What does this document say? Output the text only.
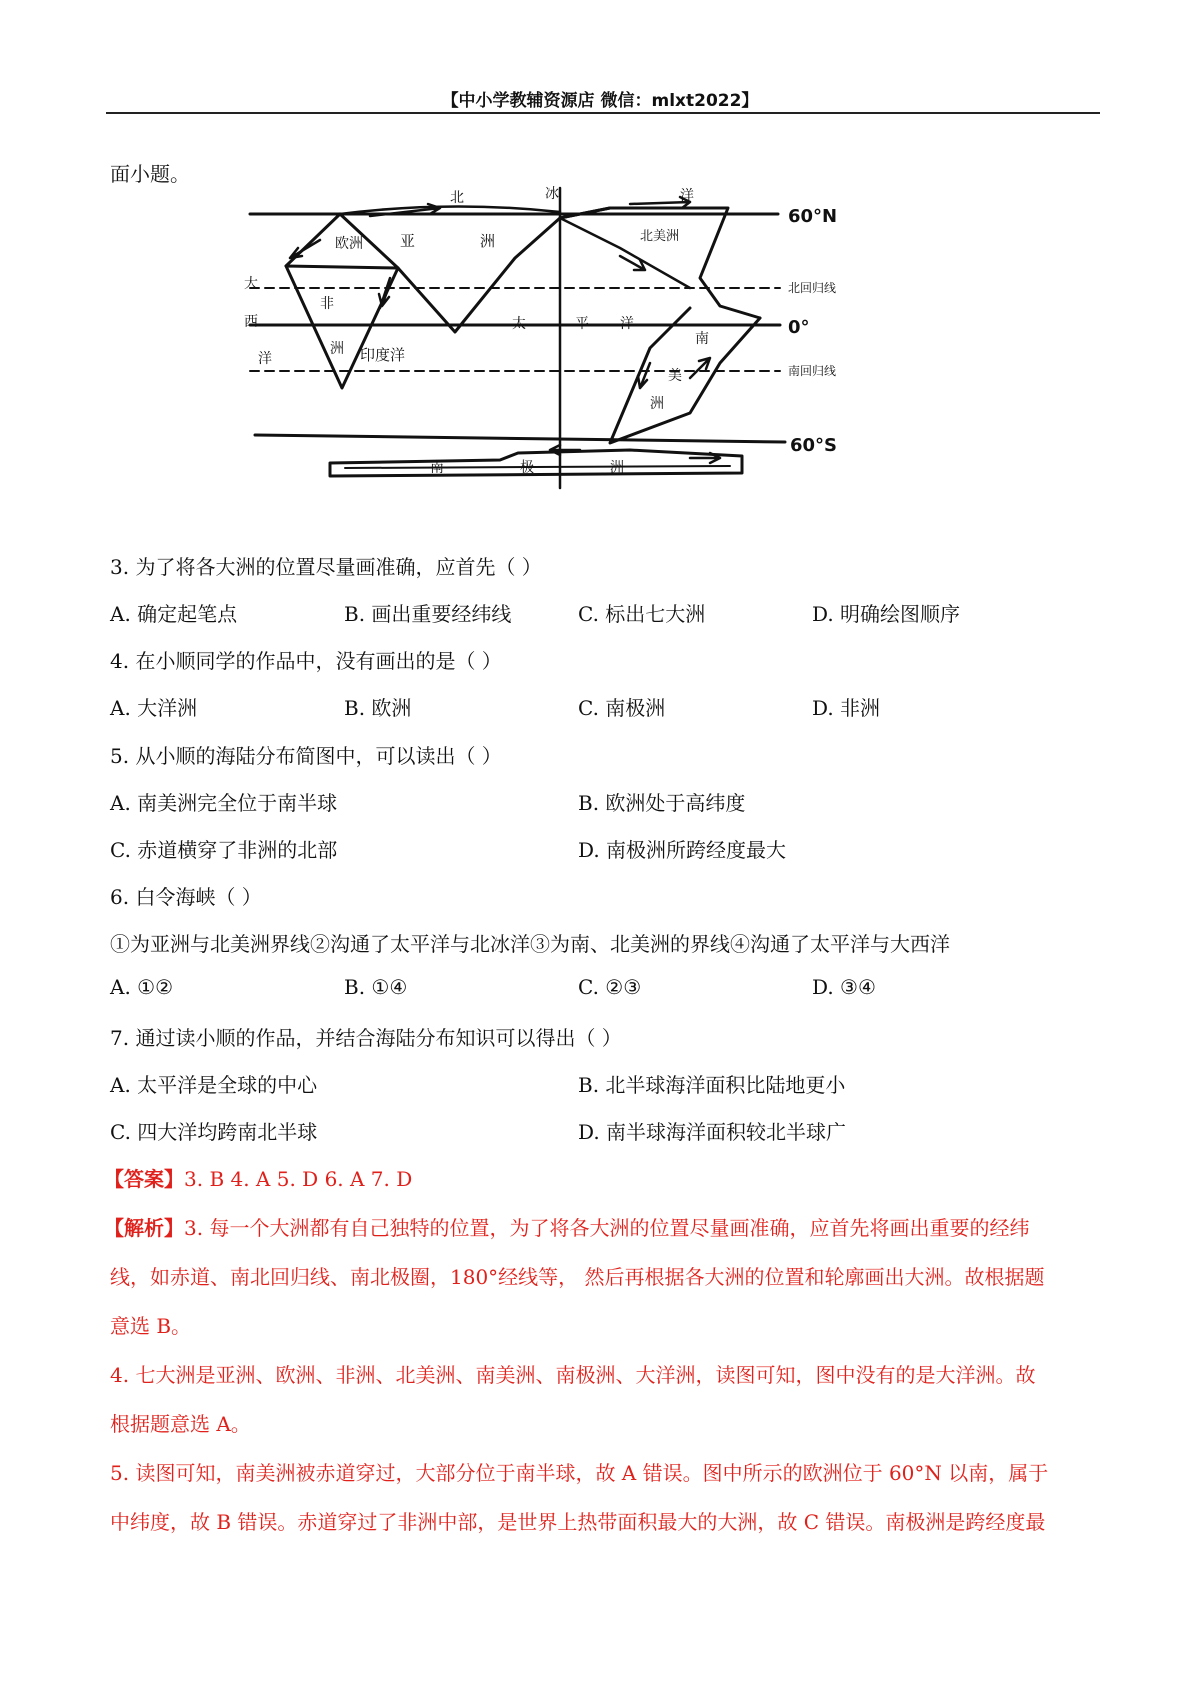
【中小学教辅资源店 微信：mlxt2022】
面小题。
60°N
0°
60°S
北回归线
南回归线
大
西
洋
北	冰	洋
太	平 洋
印度洋
欧洲 亚	洲	北美洲
非
洲
南
美
洲
南	极	洲
3. 为了将各大洲的位置尽量画准确，应首先（ ）
A. 确定起笔点	B. 画出重要经纬线	C. 标出七大洲	D. 明确绘图顺序
4. 在小顺同学的作品中，没有画出的是（ ）
A. 大洋洲	B. 欧洲	C. 南极洲	D. 非洲
5. 从小顺的海陆分布简图中，可以读出（ ）
A. 南美洲完全位于南半球	B. 欧洲处于高纬度
C. 赤道横穿了非洲的北部	D. 南极洲所跨经度最大
6. 白令海峡（ ）
①为亚洲与北美洲界线②沟通了太平洋与北冰洋③为南、北美洲的界线④沟通了太平洋与大西洋
A. ①②	B. ①④	C. ②③	D. ③④
7. 通过读小顺的作品，并结合海陆分布知识可以得出（ ）
A. 太平洋是全球的中心	B. 北半球海洋面积比陆地更小
C. 四大洋均跨南北半球	D. 南半球海洋面积较北半球广
【答案】3. B 4. A 5. D 6. A 7. D
【解析】3. 每一个大洲都有自己独特的位置，为了将各大洲的位置尽量画准确，应首先将画出重要的经纬
线，如赤道、南北回归线、南北极圈，180°经线等， 然后再根据各大洲的位置和轮廓画出大洲。故根据题
意选 B。
4. 七大洲是亚洲、欧洲、非洲、北美洲、南美洲、南极洲、大洋洲，读图可知，图中没有的是大洋洲。故
根据题意选 A。
5. 读图可知，南美洲被赤道穿过，大部分位于南半球，故 A 错误。图中所示的欧洲位于 60°N 以南，属于
中纬度，故 B 错误。赤道穿过了非洲中部，是世界上热带面积最大的大洲，故 C 错误。南极洲是跨经度最
